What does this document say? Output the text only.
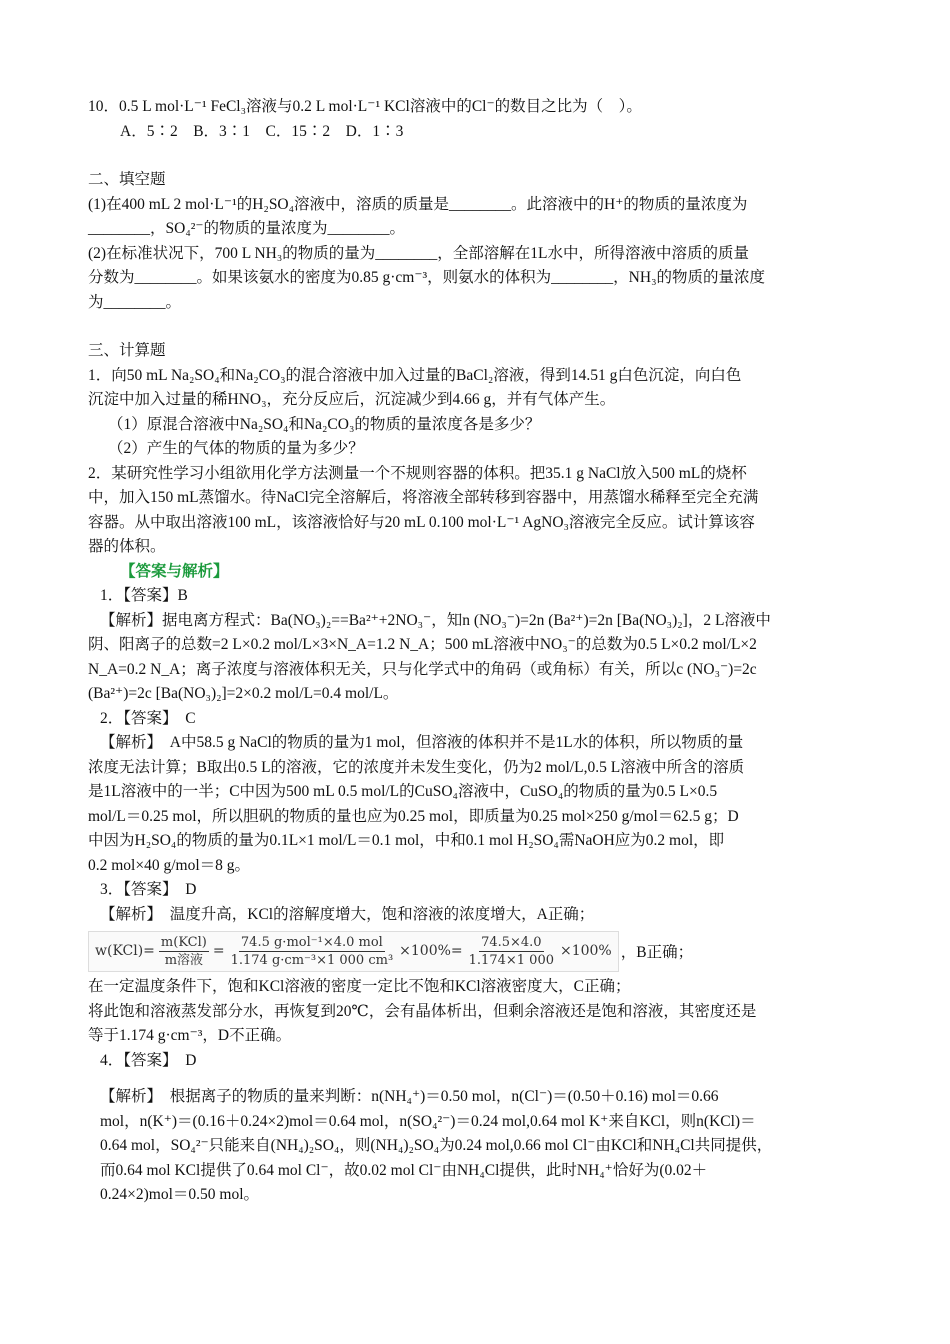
10．0.5 L mol·L⁻¹ FeCl₃溶液与0.2 L mol·L⁻¹ KCl溶液中的Cl⁻的数目之比为（　）。

A．5∶2　B．3∶1　C．15∶2　D．1∶3

二、填空题

(1)在400 mL 2 mol·L⁻¹的H₂SO₄溶液中，溶质的质量是________。此溶液中的H⁺的物质的量浓度为

________，SO₄²⁻的物质的量浓度为________。

(2)在标准状况下，700 L NH₃的物质的量为________，全部溶解在1L水中，所得溶液中溶质的质量

分数为________。如果该氨水的密度为0.85 g·cm⁻³，则氨水的体积为________，NH₃的物质的量浓度

为________。

三、计算题

1．向50 mL Na₂SO₄和Na₂CO₃的混合溶液中加入过量的BaCl₂溶液，得到14.51 g白色沉淀，向白色

沉淀中加入过量的稀HNO₃，充分反应后，沉淀减少到4.66 g，并有气体产生。

（1）原混合溶液中Na₂SO₄和Na₂CO₃的物质的量浓度各是多少？

（2）产生的气体的物质的量为多少？

2．某研究性学习小组欲用化学方法测量一个不规则容器的体积。把35.1 g NaCl放入500 mL的烧杯

中，加入150 mL蒸馏水。待NaCl完全溶解后，将溶液全部转移到容器中，用蒸馏水稀释至完全充满

容器。从中取出溶液100 mL，该溶液恰好与20 mL 0.100 mol·L⁻¹ AgNO₃溶液完全反应。试计算该容

器的体积。

【答案与解析】

1．【答案】B

【解析】据电离方程式：Ba(NO₃)₂==Ba²⁺+2NO₃⁻，知n (NO₃⁻)=2n (Ba²⁺)=2n [Ba(NO₃)₂]，2 L溶液中

阴、阳离子的总数=2 L×0.2 mol/L×3×N_A=1.2 N_A；500 mL溶液中NO₃⁻的总数为0.5 L×0.2 mol/L×2

N_A=0.2 N_A；离子浓度与溶液体积无关，只与化学式中的角码（或角标）有关，所以c (NO₃⁻)=2c

(Ba²⁺)=2c [Ba(NO₃)₂]=2×0.2 mol/L=0.4 mol/L。

2．【答案】　C

【解析】　A中58.5 g NaCl的物质的量为1 mol，但溶液的体积并不是1L水的体积，所以物质的量

浓度无法计算；B取出0.5 L的溶液，它的浓度并未发生变化，仍为2 mol/L,0.5 L溶液中所含的溶质

是1L溶液中的一半；C中因为500 mL 0.5 mol/L的CuSO₄溶液中，CuSO₄的物质的量为0.5 L×0.5

mol/L＝0.25 mol，所以胆矾的物质的量也应为0.25 mol，即质量为0.25 mol×250 g/mol＝62.5 g；D

中因为H₂SO₄的物质的量为0.1L×1 mol/L＝0.1 mol，中和0.1 mol H₂SO₄需NaOH应为0.2 mol，即

0.2 mol×40 g/mol＝8 g。

3．【答案】　D

【解析】　温度升高，KCl的溶解度增大，饱和溶液的浓度增大，A正确；

$w(KCl)= \frac{\text{m(KCl)}}{\text{m溶液}} = \frac{\text{74.5 g·mol⁻¹×4.0 mol}}{\text{1.174 g·cm⁻³×1 000 cm³}} \times 100\%= \frac{74.5\times 4.0}{1.174\times 1 000} \times 100\%$ ，B正确；

在一定温度条件下，饱和KCl溶液的密度一定比不饱和KCl溶液密度大，C正确；

将此饱和溶液蒸发部分水，再恢复到20℃，会有晶体析出，但剩余溶液还是饱和溶液，其密度还是

等于1.174 g·cm⁻³，D不正确。

4．【答案】　D

【解析】　根据离子的物质的量来判断：n(NH₄⁺)＝0.50 mol，n(Cl⁻)＝(0.50＋0.16) mol＝0.66

mol，n(K⁺)＝(0.16＋0.24×2)mol＝0.64 mol，n(SO₄²⁻)＝0.24 mol,0.64 mol K⁺来自KCl，则n(KCl)＝

0.64 mol，SO₄²⁻只能来自(NH₄)₂SO₄，则(NH₄)₂SO₄为0.24 mol,0.66 mol Cl⁻由KCl和NH₄Cl共同提供，

而0.64 mol KCl提供了0.64 mol Cl⁻，故0.02 mol Cl⁻由NH₄Cl提供，此时NH₄⁺恰好为(0.02＋

0.24×2)mol＝0.50 mol。
